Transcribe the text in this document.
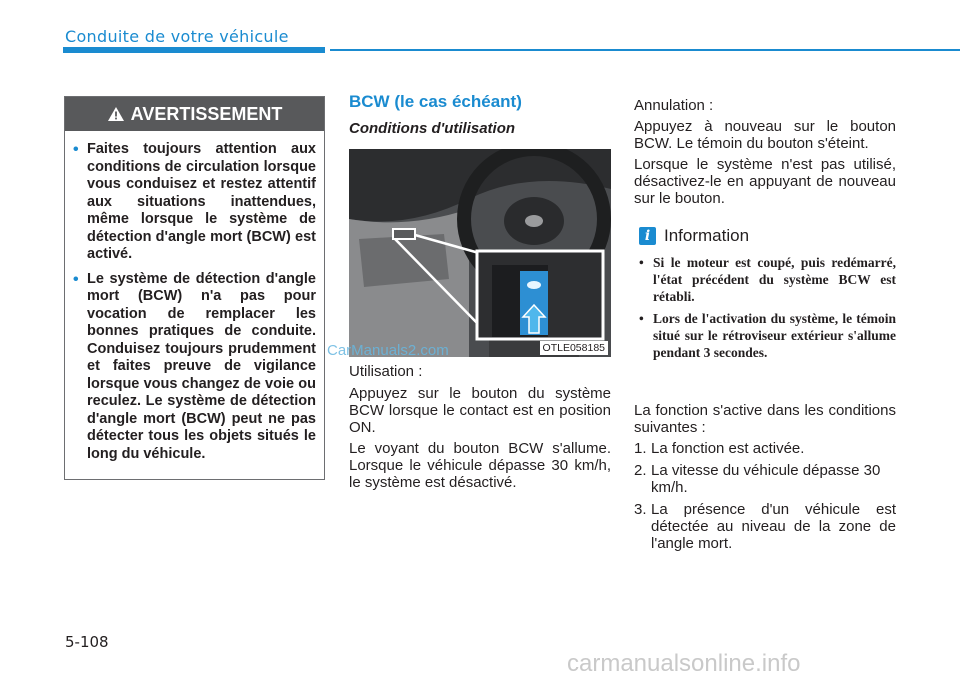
Conduite de votre véhicule
AVERTISSEMENT
• Faites toujours attention aux conditions de circulation lorsque vous conduisez et restez attentif aux situations inattendues, même lorsque le système de détection d'angle mort (BCW) est activé.
• Le système de détection d'angle mort (BCW) n'a pas pour vocation de remplacer les bonnes pratiques de conduite. Conduisez toujours prudemment et faites preuve de vigilance lorsque vous changez de voie ou reculez. Le système de détection d'angle mort (BCW) peut ne pas détecter tous les objets situés le long du véhicule.
BCW (le cas échéant)
Conditions d'utilisation
OTLE058185
CarManuals2.com
Utilisation :
Appuyez sur le bouton du système BCW lorsque le contact est en position ON.
Le voyant du bouton BCW s'allume. Lorsque le véhicule dépasse 30 km/h, le système est désactivé.
Annulation :
Appuyez à nouveau sur le bouton BCW. Le témoin du bouton s'éteint.
Lorsque le système n'est pas utilisé, désactivez-le en appuyant de nouveau sur le bouton.
i Information
• Si le moteur est coupé, puis redémarré, l'état précédent du système BCW est rétabli.
• Lors de l'activation du système, le témoin situé sur le rétroviseur extérieur s'allume pendant 3 secondes.
La fonction s'active dans les conditions suivantes :
1. La fonction est activée.
2. La vitesse du véhicule dépasse 30 km/h.
3. La présence d'un véhicule est détectée au niveau de la zone de l'angle mort.
5-108
carmanualsonline.info
